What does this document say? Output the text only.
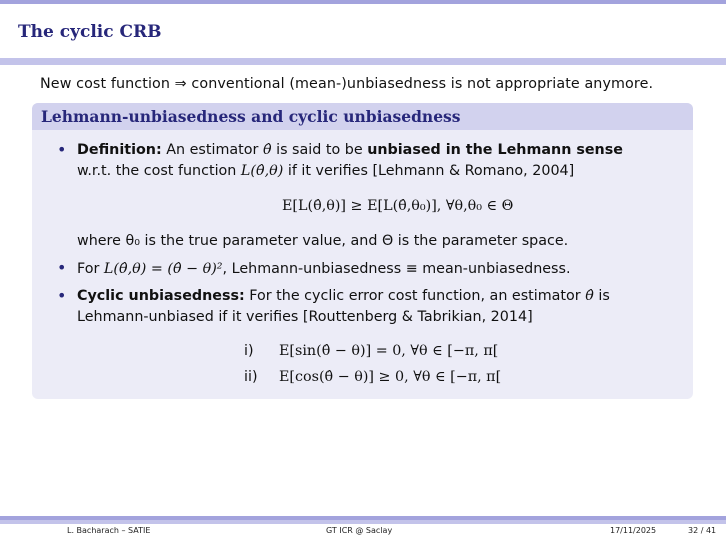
The cyclic CRB
New cost function ⇒ conventional (mean-)unbiasedness is not appropriate anymore.
Lehmann-unbiasedness and cyclic unbiasedness
• Definition: An estimator θ̂ is said to be unbiased in the Lehmann sense
w.r.t. the cost function L(θ̂,θ) if it verifies [Lehmann & Romano, 2004]
E[L(θ̂,θ)] ≥ E[L(θ̂,θ₀)], ∀θ,θ₀ ∈ Θ
where θ₀ is the true parameter value, and Θ is the parameter space.
• For L(θ̂,θ) = (θ̂ − θ)², Lehmann-unbiasedness ≡ mean-unbiasedness.
• Cyclic unbiasedness: For the cyclic error cost function, an estimator θ̂ is
Lehmann-unbiased if it verifies [Routtenberg & Tabrikian, 2014]
i) E[sin(θ̂ − θ)] = 0, ∀θ ∈ [−π, π[
ii) E[cos(θ̂ − θ)] ≥ 0, ∀θ ∈ [−π, π[
L. Bacharach – SATIE	GT ICR @ Saclay	17/11/2025	32 / 41
